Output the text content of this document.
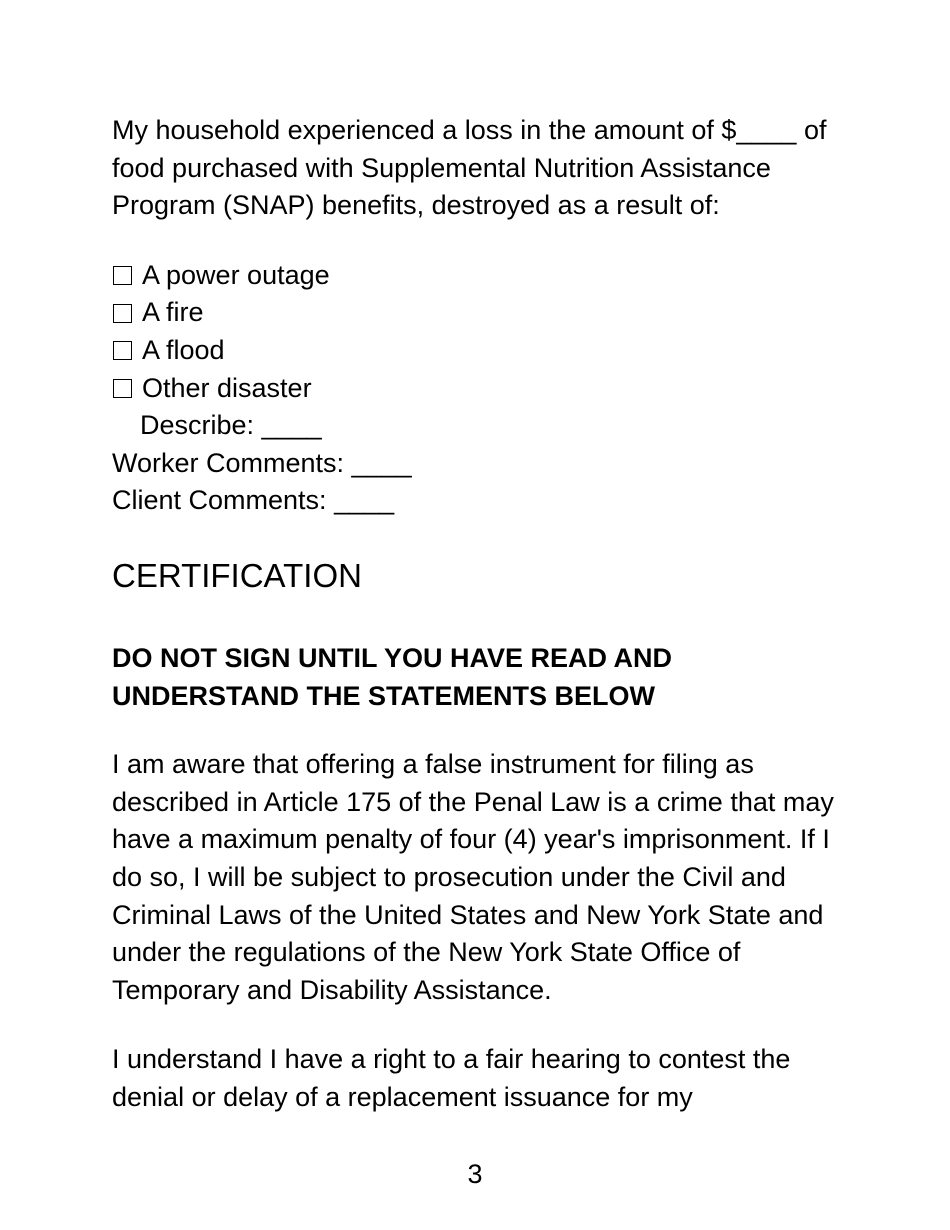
My household experienced a loss in the amount of $____ of food purchased with Supplemental Nutrition Assistance Program (SNAP) benefits, destroyed as a result of:

A power outage
A fire
A flood
Other disaster
Describe: ____
Worker Comments: ____
Client Comments: ____
CERTIFICATION

DO NOT SIGN UNTIL YOU HAVE READ AND UNDERSTAND THE STATEMENTS BELOW

I am aware that offering a false instrument for filing as described in Article 175 of the Penal Law is a crime that may have a maximum penalty of four (4) year's imprisonment. If I do so, I will be subject to prosecution under the Civil and Criminal Laws of the United States and New York State and under the regulations of the New York State Office of Temporary and Disability Assistance.

I understand I have a right to a fair hearing to contest the denial or delay of a replacement issuance for my

3
